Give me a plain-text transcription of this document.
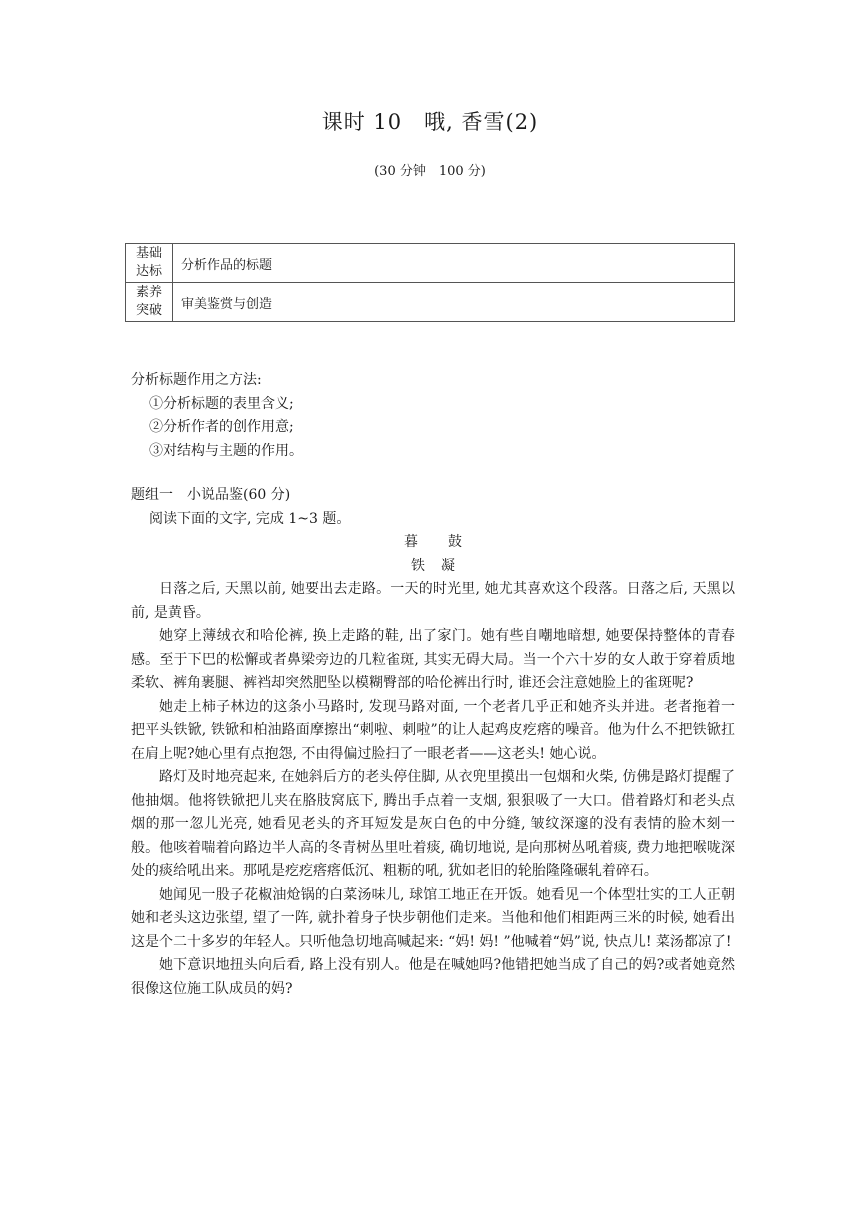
课时 10　哦, 香雪(2)
(30 分钟　100 分)
基础达标	分析作品的标题
素养突破	审美鉴赏与创造

分析标题作用之方法:

①分析标题的表里含义;

②分析作者的创作用意;

③对结构与主题的作用。

题组一　小说品鉴(60 分)

阅读下面的文字, 完成 1~3 题。

暮鼓

铁凝

日落之后, 天黑以前, 她要出去走路。一天的时光里, 她尤其喜欢这个段落。日落之后, 天黑以前, 是黄昏。

她穿上薄绒衣和哈伦裤, 换上走路的鞋, 出了家门。她有些自嘲地暗想, 她要保持整体的青春感。至于下巴的松懈或者鼻梁旁边的几粒雀斑, 其实无碍大局。当一个六十岁的女人敢于穿着质地柔软、裤角裹腿、裤裆却突然肥坠以模糊臀部的哈伦裤出行时, 谁还会注意她脸上的雀斑呢?

她走上柿子林边的这条小马路时, 发现马路对面, 一个老者几乎正和她齐头并进。老者拖着一把平头铁锨, 铁锨和柏油路面摩擦出“刺啦、刺啦”的让人起鸡皮疙瘩的噪音。他为什么不把铁锨扛在肩上呢?她心里有点抱怨, 不由得偏过脸扫了一眼老者——这老头! 她心说。

路灯及时地亮起来, 在她斜后方的老头停住脚, 从衣兜里摸出一包烟和火柴, 仿佛是路灯提醒了他抽烟。他将铁锨把儿夹在胳肢窝底下, 腾出手点着一支烟, 狠狠吸了一大口。借着路灯和老头点烟的那一忽儿光亮, 她看见老头的齐耳短发是灰白色的中分缝, 皱纹深邃的没有表情的脸木刻一般。他咳着喘着向路边半人高的冬青树丛里吐着痰, 确切地说, 是向那树丛吼着痰, 费力地把喉咙深处的痰给吼出来。那吼是疙疙瘩瘩低沉、粗粝的吼, 犹如老旧的轮胎隆隆碾轧着碎石。

她闻见一股子花椒油炝锅的白菜汤味儿, 球馆工地正在开饭。她看见一个体型壮实的工人正朝她和老头这边张望, 望了一阵, 就扑着身子快步朝他们走来。当他和他们相距两三米的时候, 她看出这是个二十多岁的年轻人。只听他急切地高喊起来: “妈! 妈! ”他喊着“妈”说, 快点儿! 菜汤都凉了!

她下意识地扭头向后看, 路上没有别人。他是在喊她吗?他错把她当成了自己的妈?或者她竟然很像这位施工队成员的妈?
